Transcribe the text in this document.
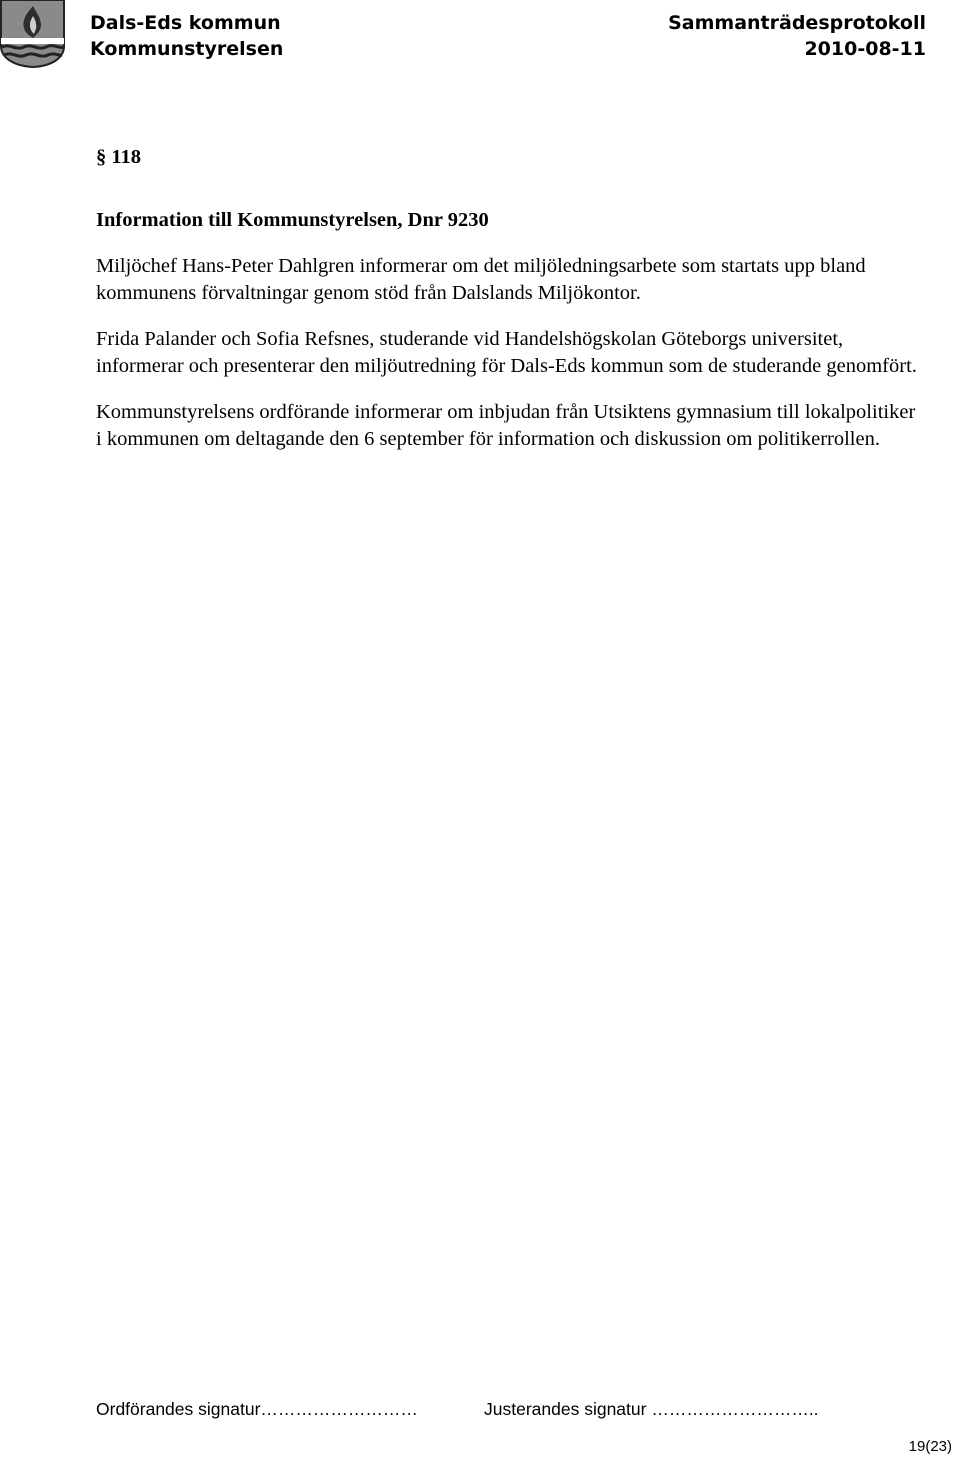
Dals-Eds kommun
Kommunstyrelsen
Sammanträdesprotokoll
2010-08-11
§ 118
Information till Kommunstyrelsen, Dnr 9230

Miljöchef Hans-Peter Dahlgren informerar om det miljöledningsarbete som startats upp bland kommunens förvaltningar genom stöd från Dalslands Miljökontor.

Frida Palander och Sofia Refsnes, studerande vid Handelshögskolan Göteborgs universitet, informerar och presenterar den miljöutredning för Dals-Eds kommun som de studerande genomfört.

Kommunstyrelsens ordförande informerar om inbjudan från Utsiktens gymnasium till lokalpolitiker i kommunen om deltagande den 6 september för information och diskussion om politikerrollen.

Ordförandes signatur………………………	Justerandes signatur ………………………..
19(23)
